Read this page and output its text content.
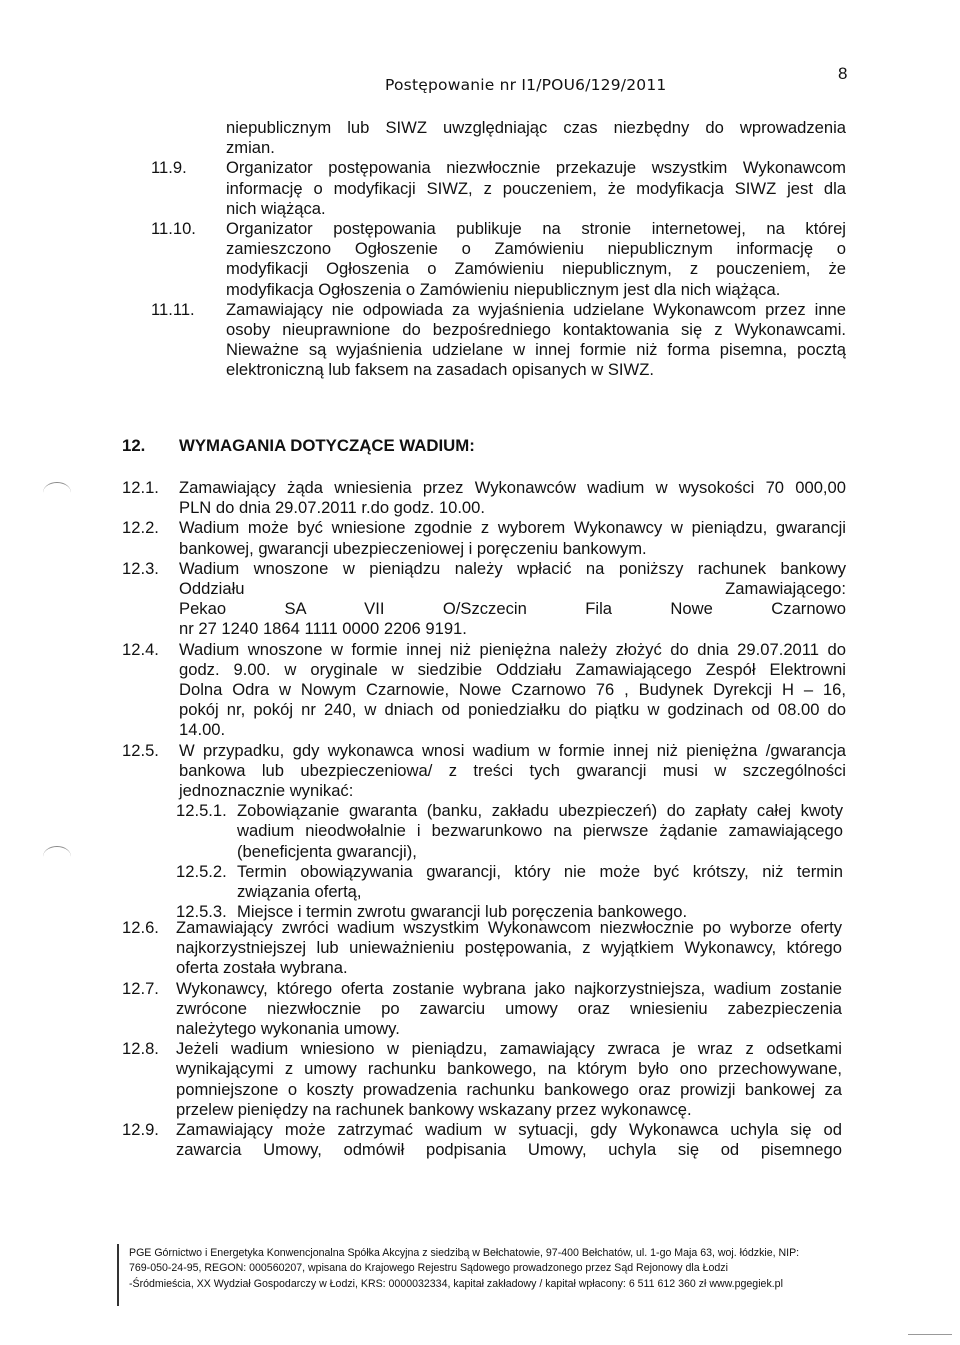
Postępowanie nr I1/POU6/129/2011
8
niepublicznym lub SIWZ uwzględniając czas niezbędny do wprowadzenia
zmian.
11.9. Organizator postępowania niezwłocznie przekazuje wszystkim Wykonawcom
informację o modyfikacji SIWZ, z pouczeniem, że modyfikacja SIWZ jest dla
nich wiążąca.
11.10. Organizator postępowania publikuje na stronie internetowej, na której
zamieszczono Ogłoszenie o Zamówieniu niepublicznym informację o
modyfikacji Ogłoszenia o Zamówieniu niepublicznym, z pouczeniem, że
modyfikacja Ogłoszenia o Zamówieniu niepublicznym jest dla nich wiążąca.
11.11. Zamawiający nie odpowiada za wyjaśnienia udzielane Wykonawcom przez inne
osoby nieuprawnione do bezpośredniego kontaktowania się z Wykonawcami.
Nieważne są wyjaśnienia udzielane w innej formie niż forma pisemna, pocztą
elektroniczną lub faksem na zasadach opisanych w SIWZ.
12. WYMAGANIA DOTYCZĄCE WADIUM:
12.1. Zamawiający żąda wniesienia przez Wykonawców wadium w wysokości 70 000,00
PLN do dnia 29.07.2011 r.do godz. 10.00.
12.2. Wadium może być wniesione zgodnie z wyborem Wykonawcy w pieniądzu, gwarancji
bankowej, gwarancji ubezpieczeniowej i poręczeniu bankowym.
12.3. Wadium wnoszone w pieniądzu należy wpłacić na poniższy rachunek bankowy
Oddziału Zamawiającego:
Pekao SA VII O/Szczecin Fila Nowe Czarnowo
nr 27 1240 1864 1111 0000 2206 9191.
12.4. Wadium wnoszone w formie innej niż pieniężna należy złożyć do dnia 29.07.2011 do
godz. 9.00. w oryginale w siedzibie Oddziału Zamawiającego Zespół Elektrowni
Dolna Odra w Nowym Czarnowie, Nowe Czarnowo 76 , Budynek Dyrekcji H – 16,
pokój nr, pokój nr 240, w dniach od poniedziałku do piątku w godzinach od 08.00 do
14.00.
12.5. W przypadku, gdy wykonawca wnosi wadium w formie innej niż pieniężna /gwarancja
bankowa lub ubezpieczeniowa/ z treści tych gwarancji musi w szczególności
jednoznacznie wynikać:
12.5.1. Zobowiązanie gwaranta (banku, zakładu ubezpieczeń) do zapłaty całej kwoty
wadium nieodwołalnie i bezwarunkowo na pierwsze żądanie zamawiającego
(beneficjenta gwarancji),
12.5.2. Termin obowiązywania gwarancji, który nie może być krótszy, niż termin
związania ofertą,
12.5.3. Miejsce i termin zwrotu gwarancji lub poręczenia bankowego.
12.6. Zamawiający zwróci wadium wszystkim Wykonawcom niezwłocznie po wyborze oferty
najkorzystniejszej lub unieważnieniu postępowania, z wyjątkiem Wykonawcy, którego
oferta została wybrana.
12.7. Wykonawcy, którego oferta zostanie wybrana jako najkorzystniejsza, wadium zostanie
zwrócone niezwłocznie po zawarciu umowy oraz wniesieniu zabezpieczenia
należytego wykonania umowy.
12.8. Jeżeli wadium wniesiono w pieniądzu, zamawiający zwraca je wraz z odsetkami
wynikającymi z umowy rachunku bankowego, na którym było ono przechowywane,
pomniejszone o koszty prowadzenia rachunku bankowego oraz prowizji bankowej za
przelew pieniędzy na rachunek bankowy wskazany przez wykonawcę.
12.9. Zamawiający może zatrzymać wadium w sytuacji, gdy Wykonawca uchyla się od
zawarcia Umowy, odmówił podpisania Umowy, uchyla się od pisemnego
PGE Górnictwo i Energetyka Konwencjonalna Spółka Akcyjna z siedzibą w Bełchatowie, 97-400 Bełchatów, ul. 1-go Maja 63, woj. łódzkie, NIP:
769-050-24-95, REGON: 000560207, wpisana do Krajowego Rejestru Sądowego prowadzonego przez Sąd Rejonowy dla Łodzi
-Śródmieścia, XX Wydział Gospodarczy w Łodzi, KRS: 0000032334, kapitał zakładowy / kapitał wpłacony: 6 511 612 360 zł www.pgegiek.pl
